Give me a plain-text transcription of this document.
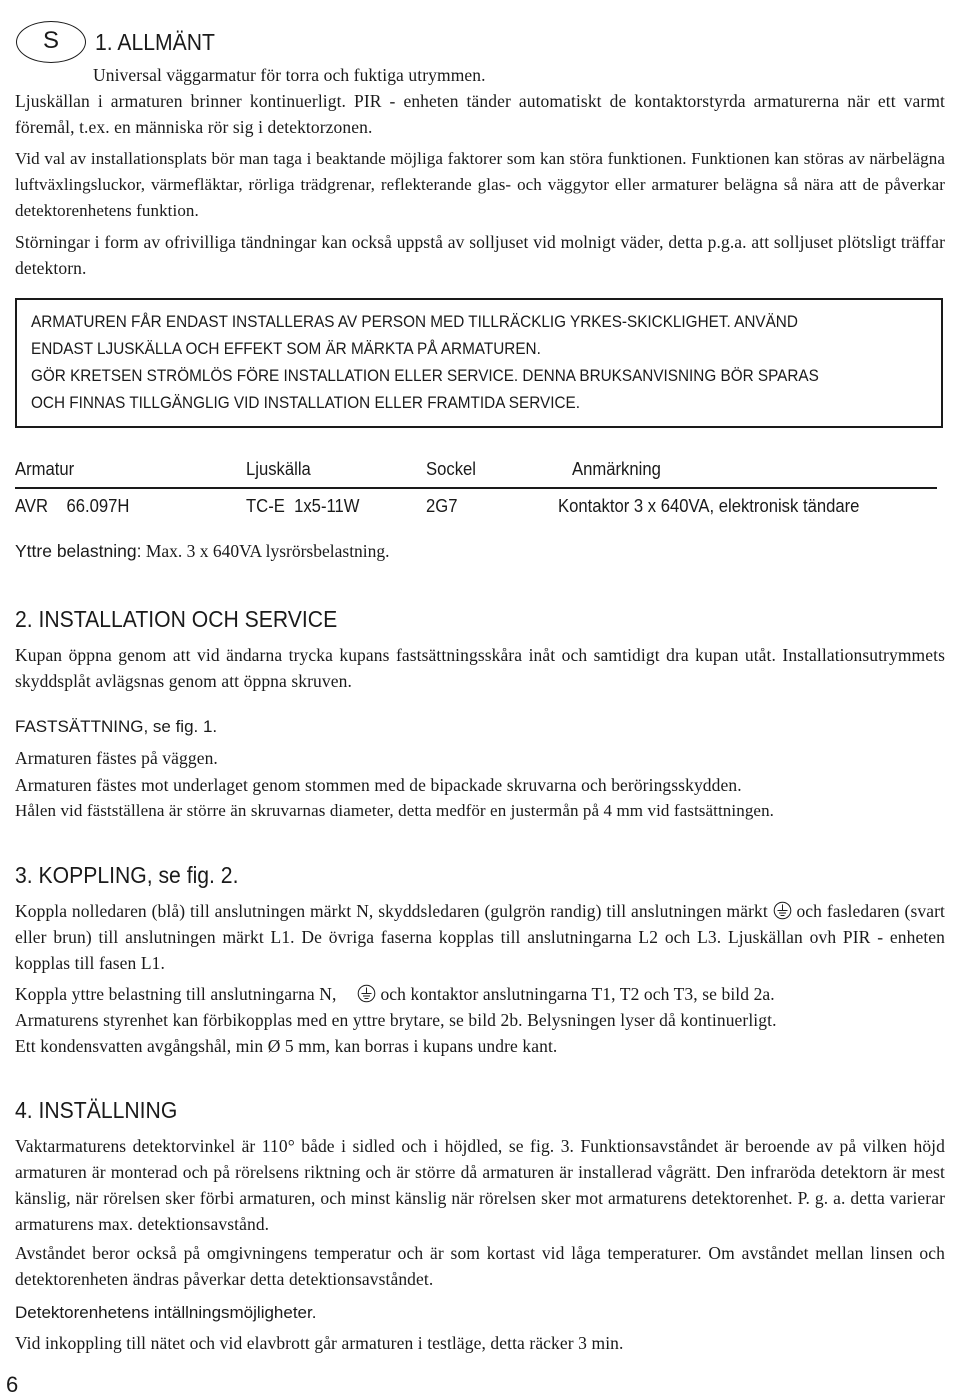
S	1. ALLMÄNT

Universal väggarmatur för torra och fuktiga utrymmen.

Ljuskällan i armaturen brinner kontinuerligt. PIR - enheten tänder automatiskt de kontaktorstyrda armaturerna när ett varmt föremål, t.ex. en människa rör sig i detektorzonen.

Vid val av installationsplats bör man taga i beaktande möjliga faktorer som kan störa funktionen. Funktionen kan störas av närbelägna luftväxlingsluckor, värmefläktar, rörliga trädgrenar, reflekterande glas- och väggytor eller armaturer belägna så nära att de påverkar detektorenhetens funktion.

Störningar i form av ofrivilliga tändningar kan också uppstå av solljuset vid molnigt väder, detta p.g.a. att solljuset plötsligt träffar detektorn.

ARMATUREN FÅR ENDAST INSTALLERAS AV PERSON MED TILLRÄCKLIG YRKES-SKICKLIGHET. ANVÄND
ENDAST LJUSKÄLLA OCH EFFEKT SOM ÄR MÄRKTA PÅ ARMATUREN.
GÖR KRETSEN STRÖMLÖS FÖRE INSTALLATION ELLER SERVICE. DENNA BRUKSANVISNING BÖR SPARAS
OCH FINNAS TILLGÄNGLIG VID INSTALLATION ELLER FRAMTIDA SERVICE.
Armatur	Ljuskälla	Sockel	Anmärkning
AVR    66.097H	TC-E  1x5-11W	2G7	Kontaktor 3 x 640VA, elektronisk tändare
Yttre belastning: Max. 3 x 640VA lysrörsbelastning.
2. INSTALLATION OCH SERVICE

Kupan öppna genom att vid ändarna trycka kupans fastsättningsskåra inåt och samtidigt dra kupan utåt. Installationsutrymmets skyddsplåt avlägsnas genom att öppna skruven.

FASTSÄTTNING, se fig. 1.

Armaturen fästes på väggen.

Armaturen fästes mot underlaget genom stommen med de bipackade skruvarna och beröringsskydden.

Hålen vid fästställena är större än skruvarnas diameter, detta medför en justermån på 4 mm vid fastsättningen.

3. KOPPLING, se fig. 2.

Koppla nolledaren (blå) till anslutningen märkt N, skyddsledaren (gulgrön randig) till anslutningen märkt  och fasledaren (svart eller brun) till anslutningen märkt L1. De övriga faserna kopplas till anslutningarna L2 och L3. Ljuskällan ovh PIR - enheten kopplas till fasen L1.

Koppla yttre belastning till anslutningarna N,  och kontaktor anslutningarna T1, T2 och T3, se bild 2a.
Armaturens styrenhet kan förbikopplas med en yttre brytare, se bild 2b. Belysningen lyser då kontinuerligt.
Ett kondensvatten avgångshål, min Ø 5 mm, kan borras i kupans undre kant.

4. INSTÄLLNING

Vaktarmaturens detektorvinkel är 110° både i sidled och i höjdled, se fig. 3. Funktionsavståndet är beroende av på vilken höjd armaturen är monterad och på rörelsens riktning och är större då armaturen är installerad vågrätt. Den infraröda detektorn är mest känslig, när rörelsen sker förbi armaturen, och minst känslig när rörelsen sker mot armaturens detektorenhet. P. g. a. detta varierar armaturens max. detektionsavstånd.

Avståndet beror också på omgivningens temperatur och är som kortast vid låga temperaturer. Om avståndet mellan linsen och detektorenheten ändras påverkar detta detektionsavståndet.

Detektorenhetens intällningsmöjligheter.

Vid inkoppling till nätet och vid elavbrott går armaturen i testläge, detta räcker 3 min.

6
